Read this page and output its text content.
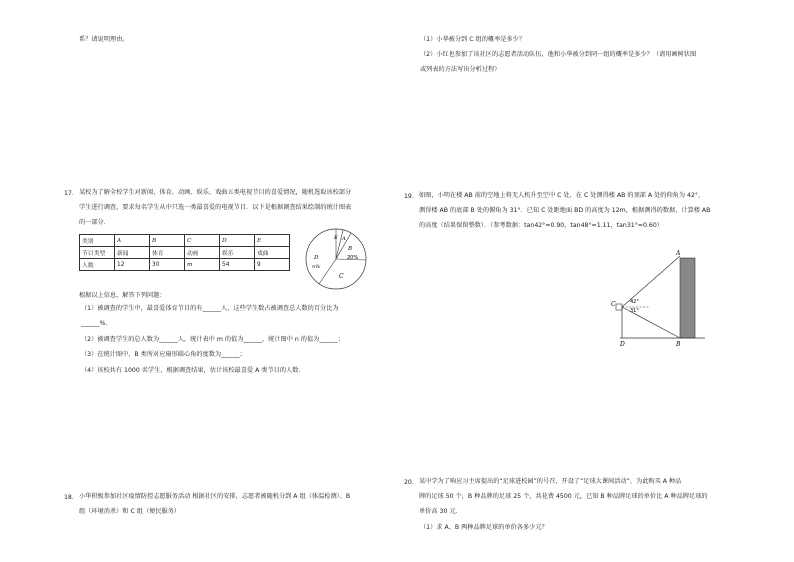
系？请说明理由。
17. 某校为了解全校学生对新闻、体育、动画、娱乐、戏曲五类电视节目的喜爱情况，随机选取该校部分
学生进行调查，要求每名学生从中只选一类最喜爱的电视节目．以下是根据调查结果绘制的统计图表
的一部分．
类别	A	B	C	D	E
节目类型	新闻	体育	动画	娱乐	戏曲
人数	12	30	m	54	9
E A
B
20%
C
D
n%
根据以上信息，解答下列问题：
（1）被调查的学生中，最喜爱体育节目的有______人，这些学生数占被调查总人数的百分比为
______%．
（2）被调查学生的总人数为______人，统计表中 m 的值为______，统计图中 n 的值为______；
（3）在统计图中，B 类所对应扇形圆心角的度数为______；
（4）该校共有 1000 名学生，根据调查结果，估计该校最喜爱 A 类节目的人数．
18. 小华积极参加社区疫情防控志愿服务活动 根据社区的安排，志愿者被随机分到 A 组（体温检测）、B
组（环境消杀）和 C 组（便民服务）
（1）小华被分到 C 组的概率是多少？
（2）小红也参加了该社区的志愿者活动队伍，他和小华被分到同一组的概率是多少？（请用画树状图
或列表的方法写出分析过程）
19. 如图，小明在楼 AB 前的空地上将无人机升至空中 C 处，在 C 处测得楼 AB 的顶部 A 处的仰角为 42°，
测得楼 AB 的底部 B 处的俯角为 31°．已知 C 处距地面 BD 的高度为 12m，根据测得的数据，计算楼 AB
的高度（结果保留整数）．（参考数据：tan42°≈0.90，tan48°≈1.11，tan31°≈0.60）
A
B
C
D
42°
31°
20. 某中学为了响应习主席提出的“足球进校园”的号召，开设了“足球大课间活动”，为此购买 A 种品
牌的足球 50 个，B 种品牌的足球 25 个，共花费 4500 元，已知 B 种品牌足球的单价比 A 种品牌足球的
单价高 30 元．
（1）求 A、B 两种品牌足球的单价各多少元？
